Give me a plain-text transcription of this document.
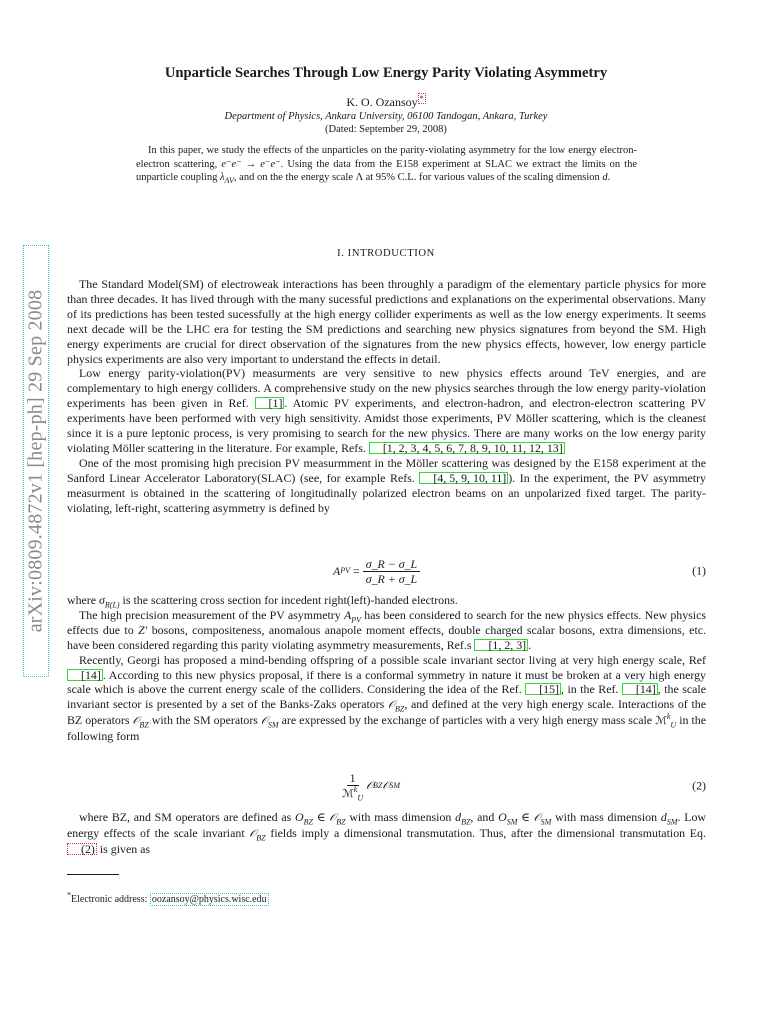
arXiv:0809.4872v1 [hep-ph] 29 Sep 2008
Unparticle Searches Through Low Energy Parity Violating Asymmetry
K. O. Ozansoy *
Department of Physics, Ankara University, 06100 Tandogan, Ankara, Turkey
(Dated: September 29, 2008)

In this paper, we study the effects of the unparticles on the parity-violating asymmetry for the low energy electron-electron scattering, e⁻e⁻ → e⁻e⁻. Using the data from the E158 experiment at SLAC we extract the limits on the unparticle coupling $\lambda_{AV}$, and on the the energy scale Λ at 95% C.L. for various values of the scaling dimension d.

I. INTRODUCTION

The Standard Model(SM) of electroweak interactions has been throughly a paradigm of the elementary particle physics for more than three decades. It has lived through with the many sucessful predictions and explanations on the experimental observations. Many of its predictions has been tested sucessfully at the high energy collider experiments as well as the low energy experiments. It seems next decade will be the LHC era for testing the SM predictions and searching new physics signatures from beyond the SM. High energy experiments are crucial for direct observation of the signatures from the new physics effects, however, low energy particle physics experiments are also very important to understand the effects in detail.

Low energy parity-violation(PV) measurments are very sensitive to new physics effects around TeV energies, and are complementary to high energy colliders. A comprehensive study on the new physics searches through the low energy parity-violation experiments has been given in Ref. [1] . Atomic PV experiments, and electron-hadron, and electron-electron scattering PV experiments have been performed with very high sensitivity. Amidst those experiments, PV Möller scattering, which is the cleanest since it is a pure leptonic process, is very promising to search for the new physics. There are many works on the low energy parity violating Möller scattering in the literature. For example, Refs. [1, 2, 3, 4, 5, 6, 7, 8, 9, 10, 11, 12, 13]

One of the most promising high precision PV measurmment in the Möller scattering was designed by the E158 experiment at the Sanford Linear Accelerator Laboratory(SLAC) (see, for example Refs. [4, 5, 9, 10, 11] ). In the experiment, the PV asymmetry measurment is obtained in the scattering of longitudinally polarized electron beams on an unpolarized fixed target. The parity-violating, left-right, scattering asymmetry is defined by

A PV = $\frac{\sigma\_R - \sigma\_L}{\sigma\_R + \sigma\_L}$	(1)

where $\sigma_{R(L)}$ is the scattering cross section for incedent right(left)-handed electrons.

The high precision measurement of the PV asymmetry $A_{PV}$ has been considered to search for the new physics effects. New physics effects due to Z′ bosons, compositeness, anomalous anapole moment effects, double charged scalar bosons, extra dimensions, etc. have been considered regarding this parity violating asymmetry measurements, Ref.s [1, 2, 3] .

Recently, Georgi has proposed a mind-bending offspring of a possible scale invariant sector living at very high energy scale, Ref [14] . According to this new physics proposal, if there is a conformal symmetry in nature it must be broken at a very high energy scale which is above the current energy scale of the colliders. Considering the idea of the Ref. [15] , in the Ref. [14] , the scale invariant sector is presented by a set of the Banks-Zaks operators 𝒪$_{BZ}$, and defined at the very high energy scale. Interactions of the BZ operators 𝒪$_{BZ}$ with the SM operators 𝒪$_{SM}$ are expressed by the exchange of particles with a very high energy mass scale ℳ$^k_U$ in the following form

$\frac{1}{ℳ^k_U}$ 𝒪 BZ 𝒪 SM	(2)

where BZ, and SM operators are defined as $O_{BZ}$ ∈ 𝒪$_{BZ}$ with mass dimension $d_{BZ}$, and $O_{SM}$ ∈ 𝒪$_{SM}$ with mass dimension $d_{SM}$. Low energy effects of the scale invariant 𝒪$_{BZ}$ fields imply a dimensional transmutation. Thus, after the dimensional transmutation Eq.(2) is given as

*Electronic address: oozansoy@physics.wisc.edu
